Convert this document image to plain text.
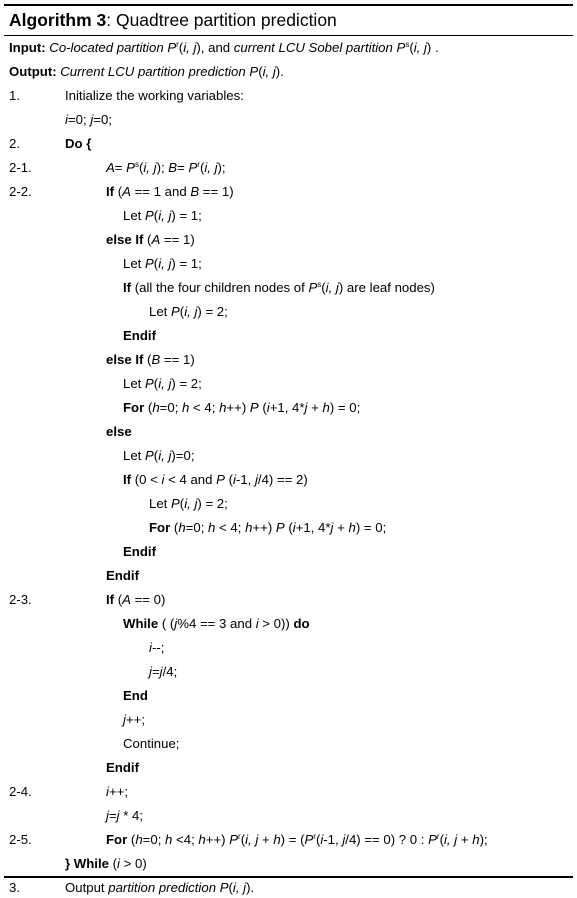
Algorithm 3: Quadtree partition prediction
Input: Co-located partition $P^r(i$, j), and current LCU Sobel partition $P^s(i$, j) .
Output: Current LCU partition prediction P(i, j).
1.	Initialize the working variables:
i=0; j=0;
2.	Do {
2-1.	$A= P^s(i$, j); $B= P^r(i$, j);
2-2.	If (A == 1 and B == 1)
Let P(i, j) = 1;
else If (A == 1)
Let P(i, j) = 1;
If (all the four children nodes of $P^s(i$, j) are leaf nodes)
Let P(i, j) = 2;
Endif
else If (B == 1)
Let P(i, j) = 2;
For (h=0; h < 4; h++) P (i+1, 4*j + h) = 0;
else
Let P(i, j)=0;
If (0 < i < 4 and P (i-1, j/4) == 2)
Let P(i, j) = 2;
For (h=0; h < 4; h++) P (i+1, 4*j + h) = 0;
Endif
Endif
2-3.	If (A == 0)
While ( (j%4 == 3 and i > 0)) do
i--;
j=j/4;
End
j++;
Continue;
Endif
2-4.	i++;
j=j * 4;
2-5.	For (h=0; h <4; h++) $P^r(i$, $j + h) = (P^r(i-1$, j/4) == 0) ? 0 : $P^r(i$, j + h);
} While (i > 0)
3.	Output partition prediction P(i, j).
